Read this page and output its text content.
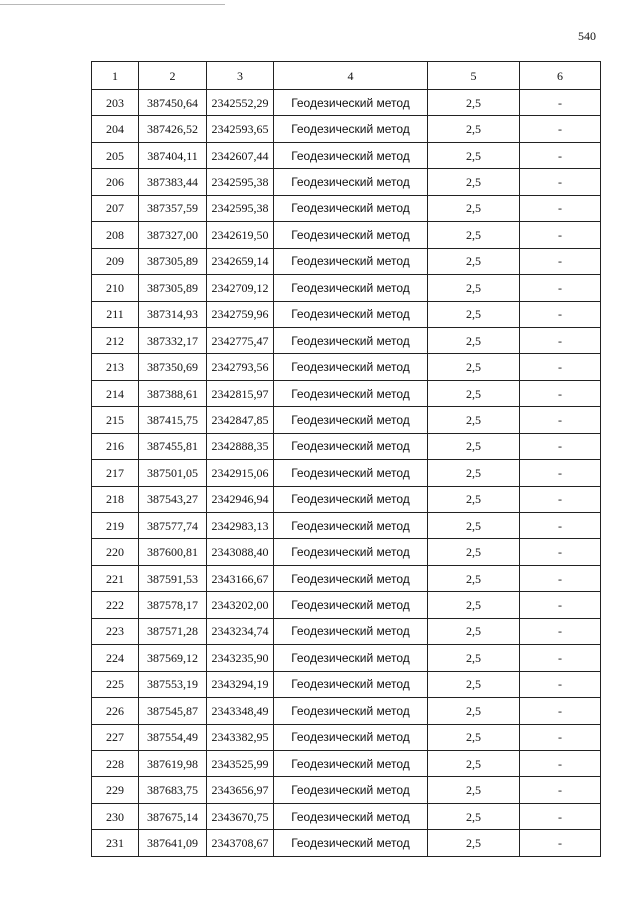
540
1	2	3	4	5	6
203	387450,64	2342552,29	Геодезический метод	2,5	-
204	387426,52	2342593,65	Геодезический метод	2,5	-
205	387404,11	2342607,44	Геодезический метод	2,5	-
206	387383,44	2342595,38	Геодезический метод	2,5	-
207	387357,59	2342595,38	Геодезический метод	2,5	-
208	387327,00	2342619,50	Геодезический метод	2,5	-
209	387305,89	2342659,14	Геодезический метод	2,5	-
210	387305,89	2342709,12	Геодезический метод	2,5	-
211	387314,93	2342759,96	Геодезический метод	2,5	-
212	387332,17	2342775,47	Геодезический метод	2,5	-
213	387350,69	2342793,56	Геодезический метод	2,5	-
214	387388,61	2342815,97	Геодезический метод	2,5	-
215	387415,75	2342847,85	Геодезический метод	2,5	-
216	387455,81	2342888,35	Геодезический метод	2,5	-
217	387501,05	2342915,06	Геодезический метод	2,5	-
218	387543,27	2342946,94	Геодезический метод	2,5	-
219	387577,74	2342983,13	Геодезический метод	2,5	-
220	387600,81	2343088,40	Геодезический метод	2,5	-
221	387591,53	2343166,67	Геодезический метод	2,5	-
222	387578,17	2343202,00	Геодезический метод	2,5	-
223	387571,28	2343234,74	Геодезический метод	2,5	-
224	387569,12	2343235,90	Геодезический метод	2,5	-
225	387553,19	2343294,19	Геодезический метод	2,5	-
226	387545,87	2343348,49	Геодезический метод	2,5	-
227	387554,49	2343382,95	Геодезический метод	2,5	-
228	387619,98	2343525,99	Геодезический метод	2,5	-
229	387683,75	2343656,97	Геодезический метод	2,5	-
230	387675,14	2343670,75	Геодезический метод	2,5	-
231	387641,09	2343708,67	Геодезический метод	2,5	-
